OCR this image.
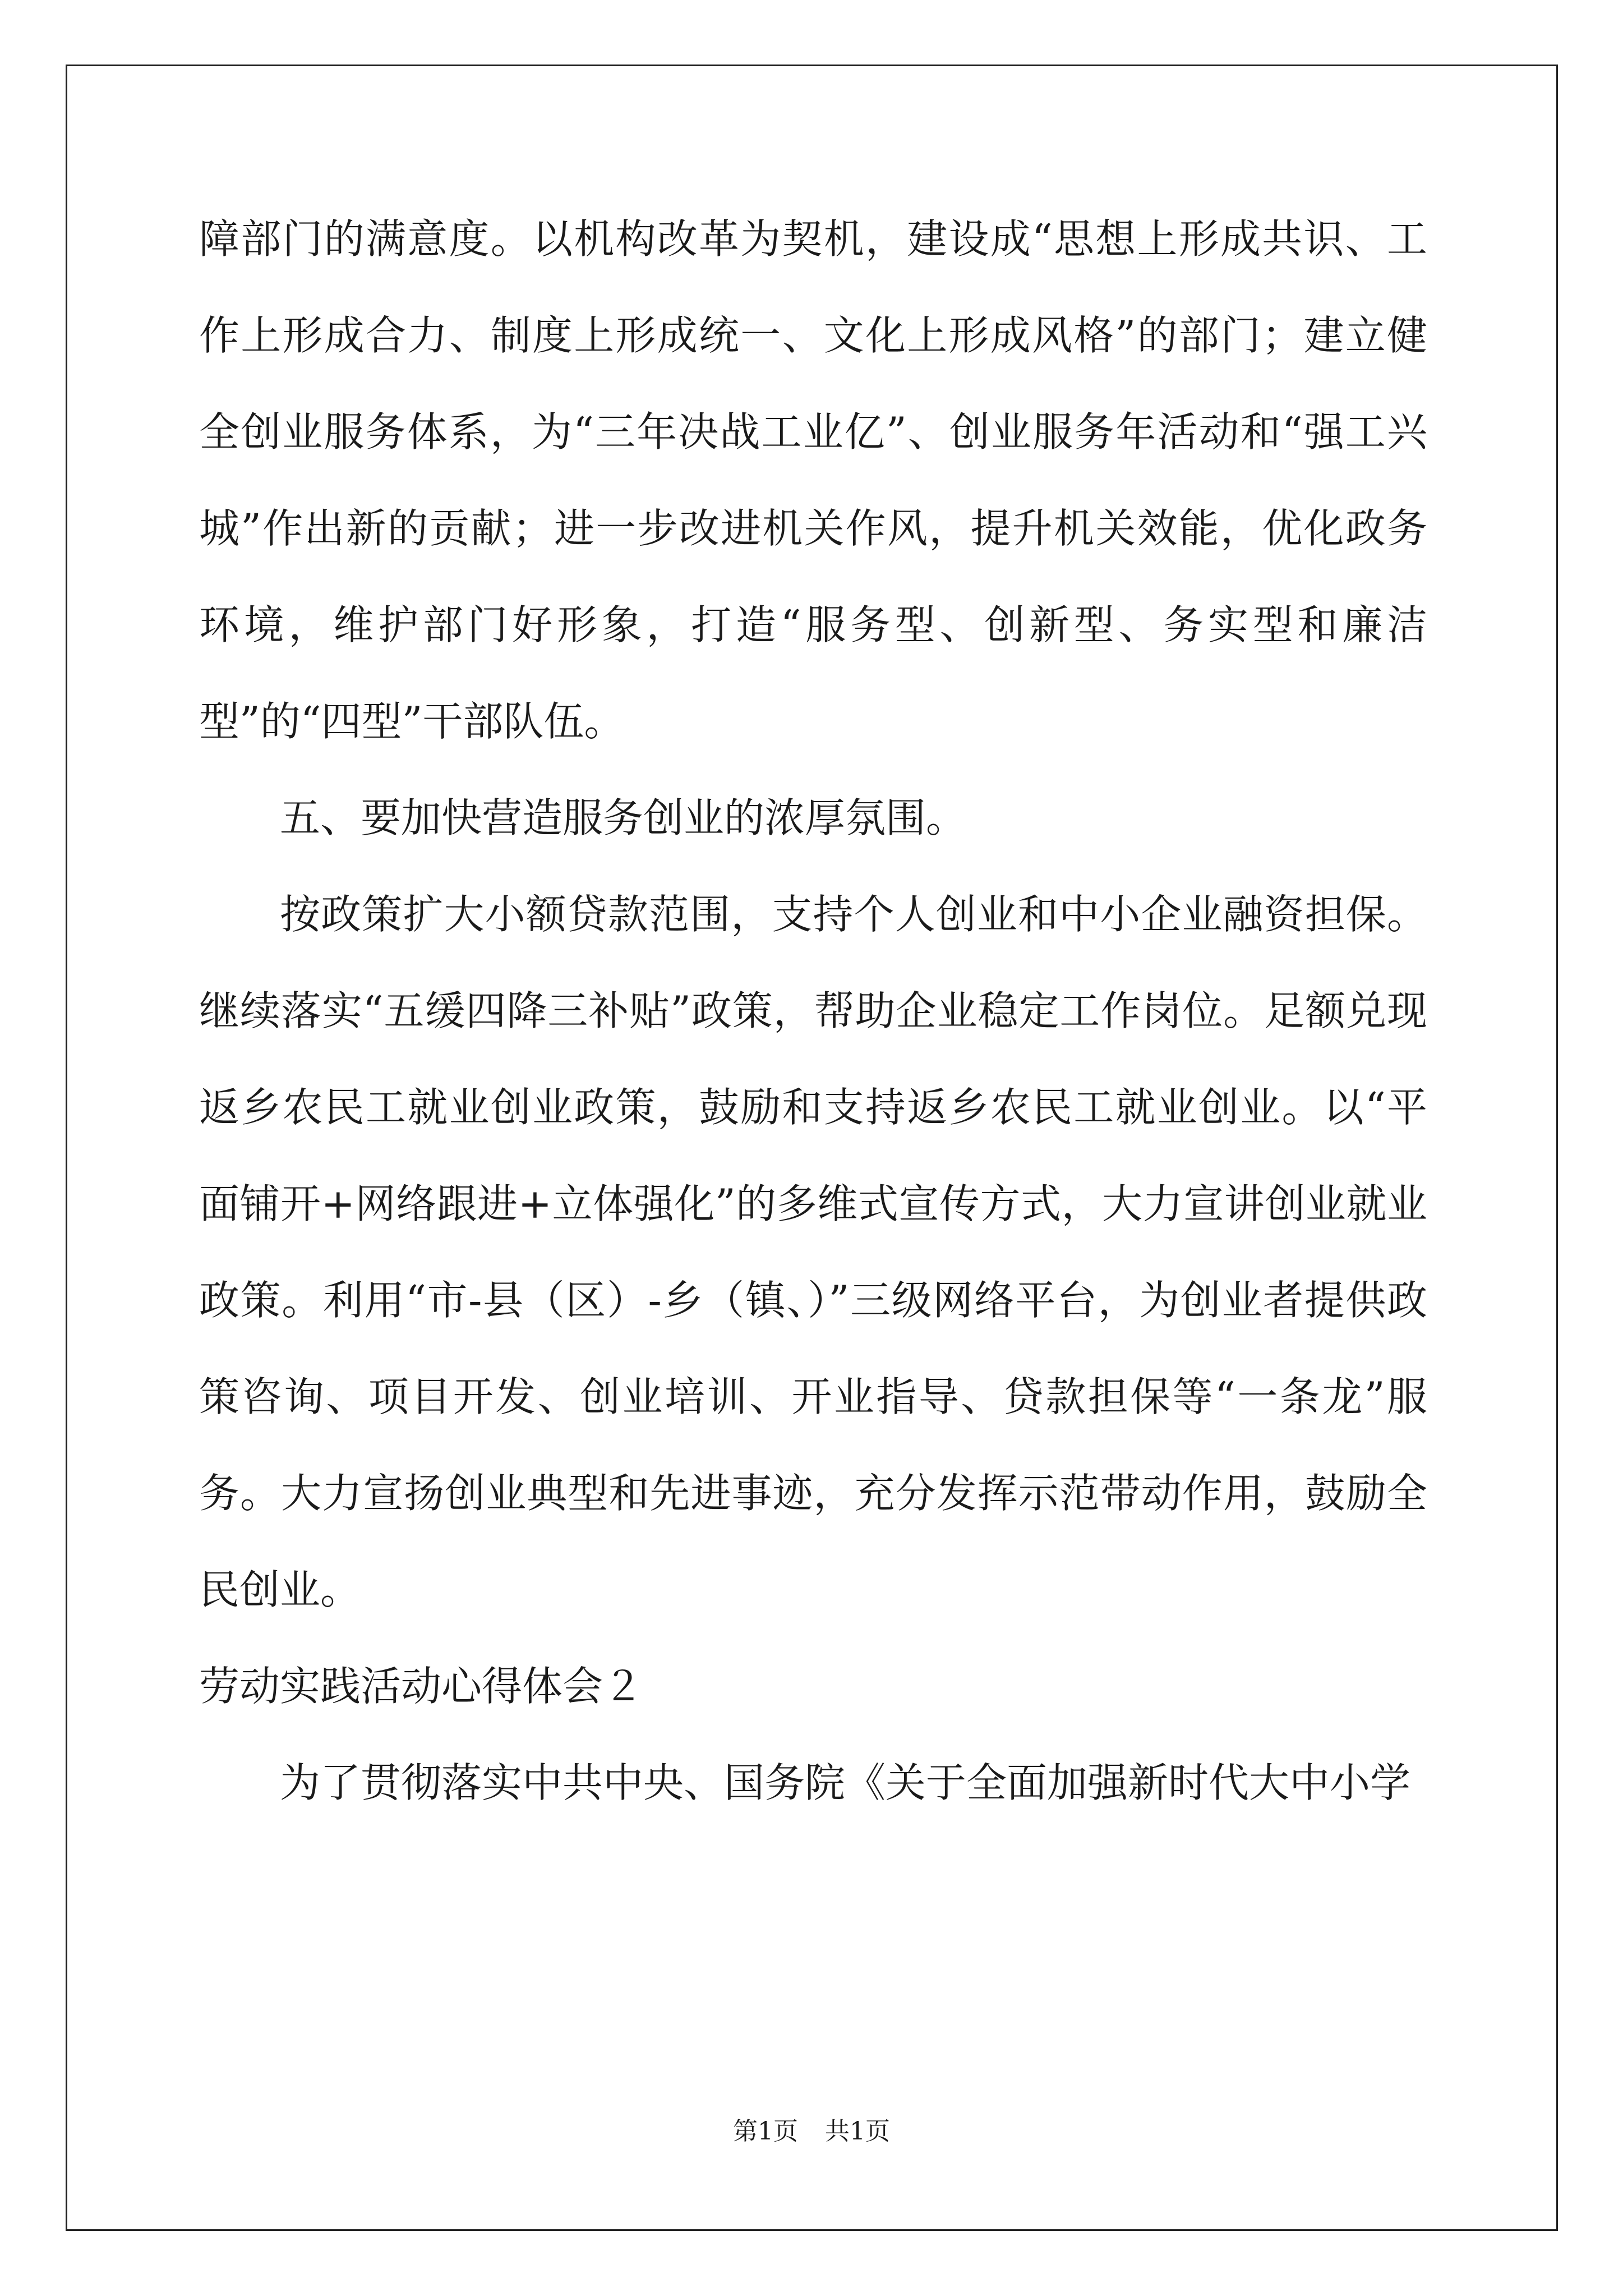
障部门的满意度。以机构改革为契机，建设成“思想上形成共识、工作上形成合力、制度上形成统一、文化上形成风格”的部门；建立健全创业服务体系，为“三年决战工业亿”、创业服务年活动和“强工兴城”作出新的贡献；进一步改进机关作风，提升机关效能，优化政务环境，维护部门好形象，打造“服务型、创新型、务实型和廉洁型”的“四型”干部队伍。

五、要加快营造服务创业的浓厚氛围。

按政策扩大小额贷款范围，支持个人创业和中小企业融资担保。继续落实“五缓四降三补贴”政策，帮助企业稳定工作岗位。足额兑现返乡农民工就业创业政策，鼓励和支持返乡农民工就业创业。以“平面铺开+网络跟进+立体强化”的多维式宣传方式，大力宣讲创业就业政策。利用“市-县（区）-乡（镇、）”三级网络平台，为创业者提供政策咨询、项目开发、创业培训、开业指导、贷款担保等“一条龙”服务。大力宣扬创业典型和先进事迹，充分发挥示范带动作用，鼓励全民创业。

劳动实践活动心得体会２

为了贯彻落实中共中央、国务院《关于全面加强新时代大中小学

第1页 共1页
